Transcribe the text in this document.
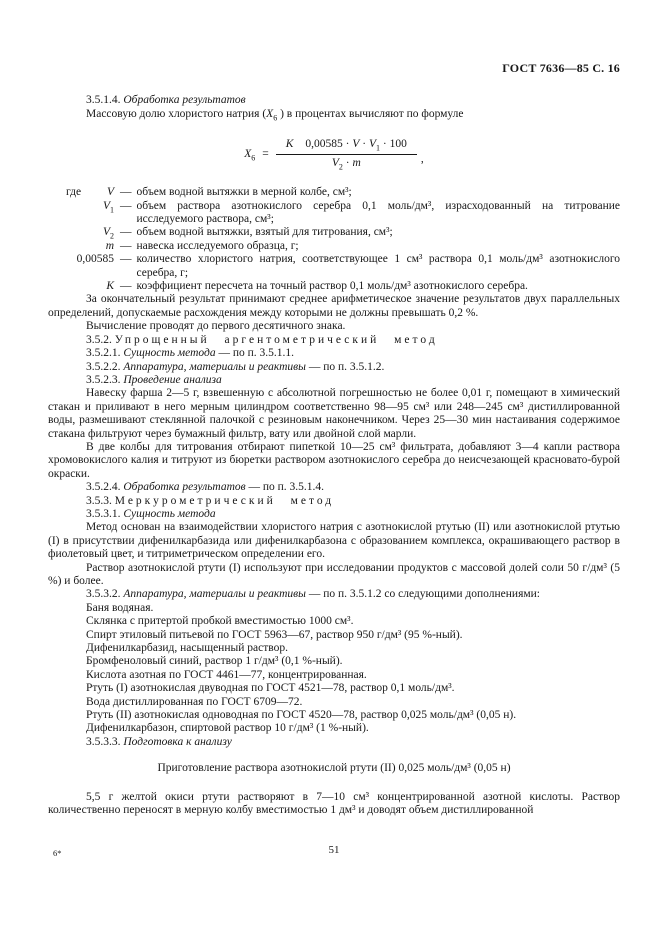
ГОСТ 7636—85 С. 16

3.5.1.4. Обработка результатов

Массовую долю хлористого натрия ($X_6$ ) в процентах вычисляют по формуле

$X_6 = \frac{K 0,00585 \cdot V \cdot V_1 \cdot 100}{V_2 \cdot m}$ ,
где	V — объем водной вытяжки в мерной колбе, см³;
$V_1$ — объем раствора азотнокислого серебра 0,1 моль/дм³, израсходованный на титрование исследуемого раствора, см³;
$V_2$ — объем водной вытяжки, взятый для титрования, см³;
m — навеска исследуемого образца, г;
0,00585 — количество хлористого натрия, соответствующее 1 см³ раствора 0,1 моль/дм³ азотнокислого серебра, г;
K — коэффициент пересчета на точный раствор 0,1 моль/дм³ азотнокислого серебра.

За окончательный результат принимают среднее арифметическое значение результатов двух параллельных определений, допускаемые расхождения между которыми не должны превышать 0,2 %.

Вычисление проводят до первого десятичного знака.

3.5.2. Упрощенный аргентометрический метод

3.5.2.1. Сущность метода — по п. 3.5.1.1.

3.5.2.2. Аппаратура, материалы и реактивы — по п. 3.5.1.2.

3.5.2.3. Проведение анализа

Навеску фарша 2—5 г, взвешенную с абсолютной погрешностью не более 0,01 г, помещают в химический стакан и приливают в него мерным цилиндром соответственно 98—95 см³ или 248—245 см³ дистиллированной воды, размешивают стеклянной палочкой с резиновым наконечником. Через 25—30 мин настаивания содержимое стакана фильтруют через бумажный фильтр, вату или двойной слой марли.

В две колбы для титрования отбирают пипеткой 10—25 см³ фильтрата, добавляют 3—4 капли раствора хромовокислого калия и титруют из бюретки раствором азотнокислого серебра до неисчезающей красновато-бурой окраски.

3.5.2.4. Обработка результатов — по п. 3.5.1.4.

3.5.3. Меркурометрический метод

3.5.3.1. Сущность метода

Метод основан на взаимодействии хлористого натрия с азотнокислой ртутью (II) или азотнокислой ртутью (I) в присутствии дифенилкарбазида или дифенилкарбазона с образованием комплекса, окрашивающего раствор в фиолетовый цвет, и титриметрическом определении его.

Раствор азотнокислой ртути (I) используют при исследовании продуктов с массовой долей соли 50 г/дм³ (5 %) и более.

3.5.3.2. Аппаратура, материалы и реактивы — по п. 3.5.1.2 со следующими дополнениями:

Баня водяная.

Склянка с притертой пробкой вместимостью 1000 см³.

Спирт этиловый питьевой по ГОСТ 5963—67, раствор 950 г/дм³ (95 %-ный).

Дифенилкарбазид, насыщенный раствор.

Бромфеноловый синий, раствор 1 г/дм³ (0,1 %-ный).

Кислота азотная по ГОСТ 4461—77, концентрированная.

Ртуть (I) азотнокислая двуводная по ГОСТ 4521—78, раствор 0,1 моль/дм³.

Вода дистиллированная по ГОСТ 6709—72.

Ртуть (II) азотнокислая одноводная по ГОСТ 4520—78, раствор 0,025 моль/дм³ (0,05 н).

Дифенилкарбазон, спиртовой раствор 10 г/дм³ (1 %-ный).

3.5.3.3. Подготовка к анализу

Приготовление раствора азотнокислой ртути (II) 0,025 моль/дм³ (0,05 н)

5,5 г желтой окиси ртути растворяют в 7—10 см³ концентрированной азотной кислоты. Раствор количественно переносят в мерную колбу вместимостью 1 дм³ и доводят объем дистиллированной

6*	51
